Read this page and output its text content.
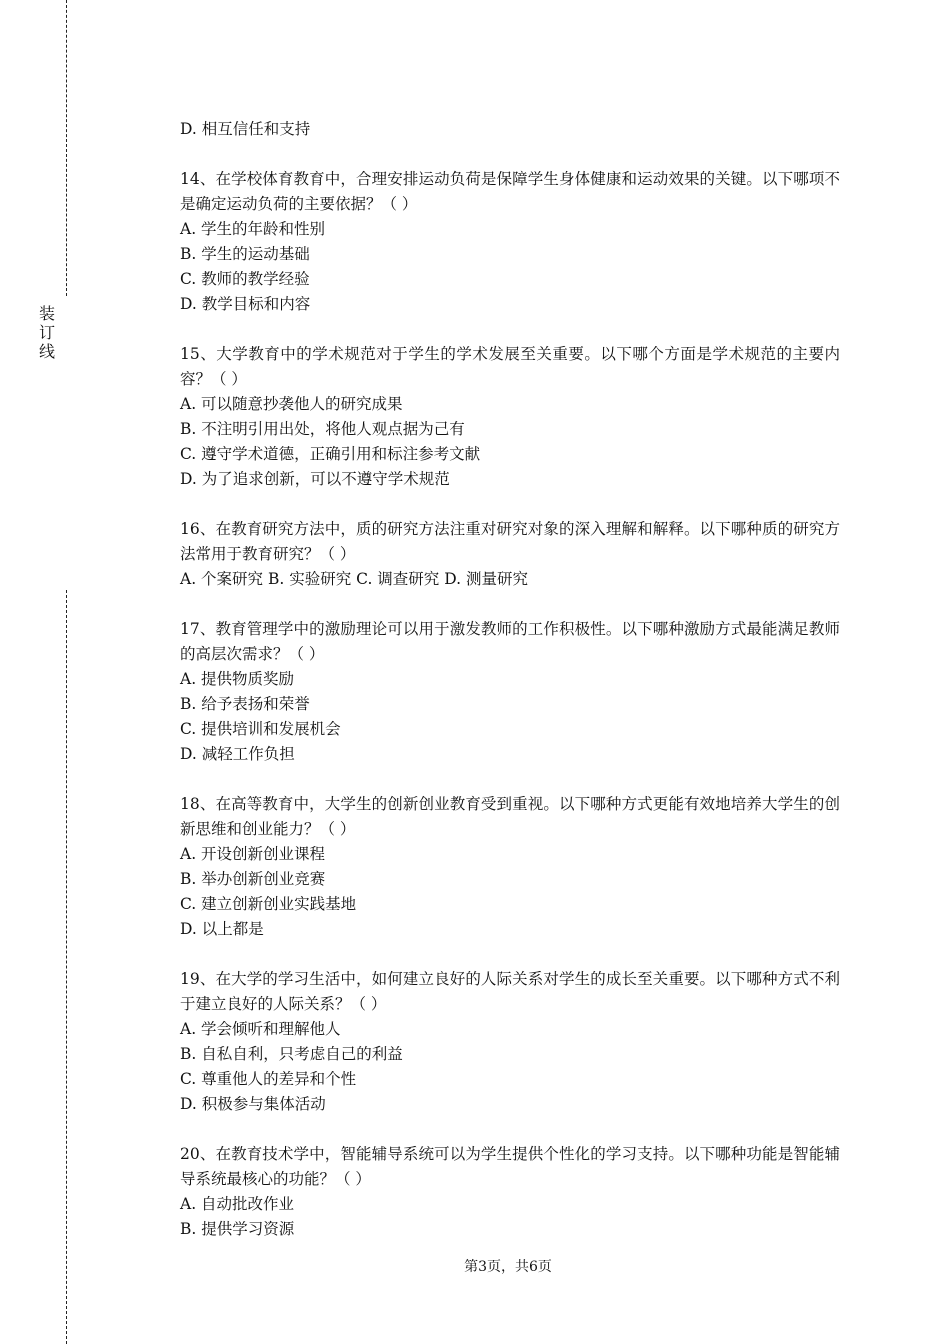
装订线
D. 相互信任和支持
14、在学校体育教育中，合理安排运动负荷是保障学生身体健康和运动效果的关键。以下哪项不是确定运动负荷的主要依据？（ ）
A. 学生的年龄和性别
B. 学生的运动基础
C. 教师的教学经验
D. 教学目标和内容
15、大学教育中的学术规范对于学生的学术发展至关重要。以下哪个方面是学术规范的主要内容？（ ）
A. 可以随意抄袭他人的研究成果
B. 不注明引用出处，将他人观点据为己有
C. 遵守学术道德，正确引用和标注参考文献
D. 为了追求创新，可以不遵守学术规范
16、在教育研究方法中，质的研究方法注重对研究对象的深入理解和解释。以下哪种质的研究方法常用于教育研究？（ ）
A. 个案研究 B. 实验研究 C. 调查研究 D. 测量研究
17、教育管理学中的激励理论可以用于激发教师的工作积极性。以下哪种激励方式最能满足教师的高层次需求？（ ）
A. 提供物质奖励
B. 给予表扬和荣誉
C. 提供培训和发展机会
D. 减轻工作负担
18、在高等教育中，大学生的创新创业教育受到重视。以下哪种方式更能有效地培养大学生的创新思维和创业能力？（ ）
A. 开设创新创业课程
B. 举办创新创业竞赛
C. 建立创新创业实践基地
D. 以上都是
19、在大学的学习生活中，如何建立良好的人际关系对学生的成长至关重要。以下哪种方式不利于建立良好的人际关系？（ ）
A. 学会倾听和理解他人
B. 自私自利，只考虑自己的利益
C. 尊重他人的差异和个性
D. 积极参与集体活动
20、在教育技术学中，智能辅导系统可以为学生提供个性化的学习支持。以下哪种功能是智能辅导系统最核心的功能？（ ）
A. 自动批改作业
B. 提供学习资源
第3页，共6页
